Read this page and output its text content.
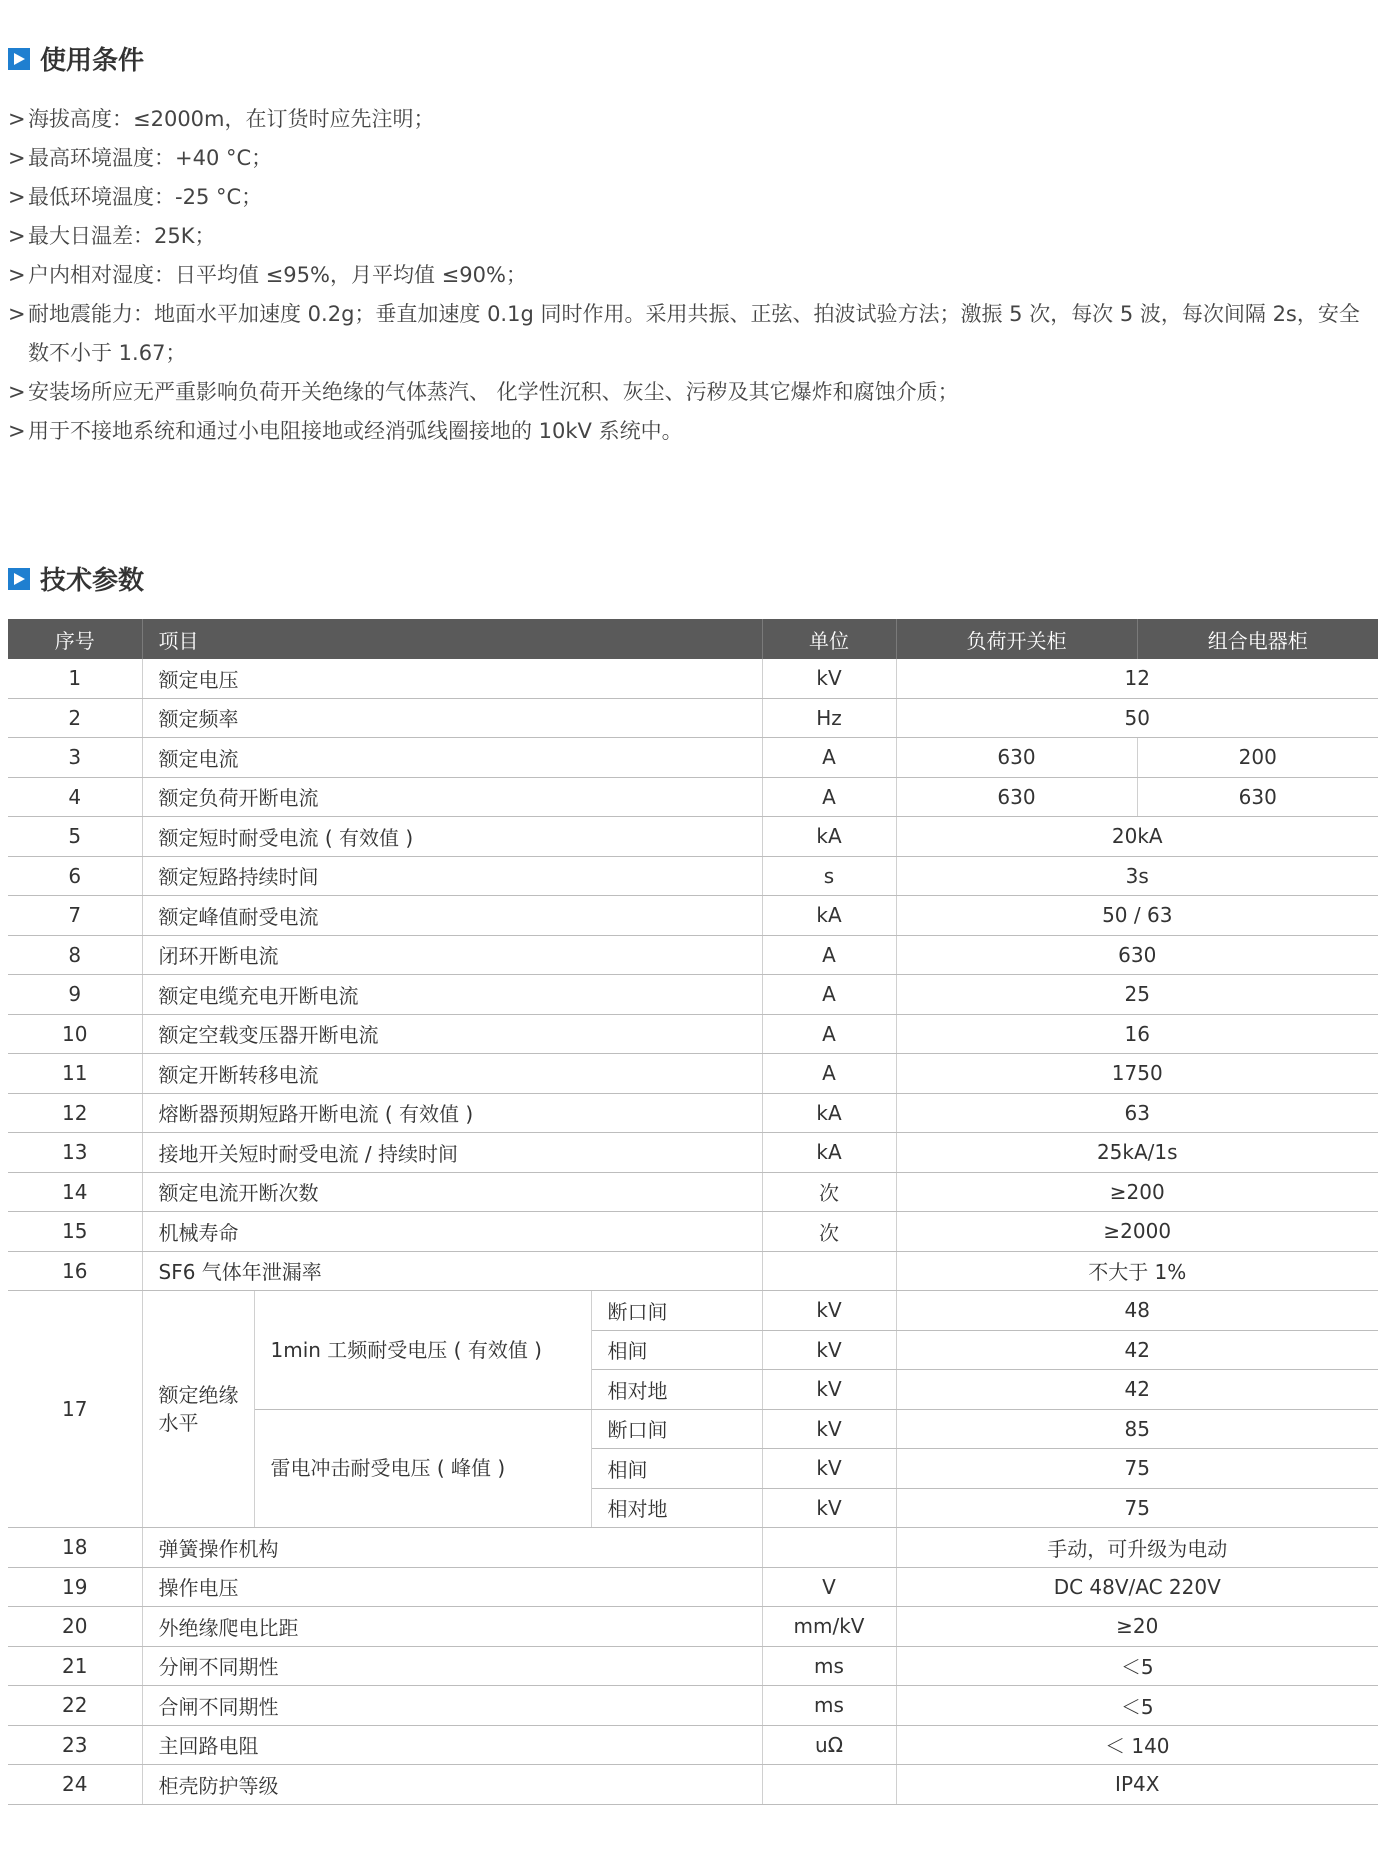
使用条件
> 海拔高度：≤2000m，在订货时应先注明；
> 最高环境温度：+40 °C；
> 最低环境温度：-25 °C；
> 最大日温差：25K；
> 户内相对湿度：日平均值 ≤95%，月平均值 ≤90%；
> 耐地震能力：地面水平加速度 0.2g；垂直加速度 0.1g 同时作用。采用共振、正弦、拍波试验方法；激振 5 次，每次 5 波，每次间隔 2s，安全数不小于 1.67；
> 安装场所应无严重影响负荷开关绝缘的气体蒸汽、 化学性沉积、灰尘、污秽及其它爆炸和腐蚀介质；
> 用于不接地系统和通过小电阻接地或经消弧线圈接地的 10kV 系统中。
技术参数
序号	项目			单位	负荷开关柜	组合电器柜
1	额定电压			kV	12	
2	额定频率			Hz	50	
3	额定电流			A	630	200
4	额定负荷开断电流			A	630	630
5	额定短时耐受电流 ( 有效值 )			kA	20kA	
6	额定短路持续时间			s	3s	
7	额定峰值耐受电流			kA	50 / 63	
8	闭环开断电流			A	630	
9	额定电缆充电开断电流			A	25	
10	额定空载变压器开断电流			A	16	
11	额定开断转移电流			A	1750	
12	熔断器预期短路开断电流 ( 有效值 )			kA	63	
13	接地开关短时耐受电流 / 持续时间			kA	25kA/1s	
14	额定电流开断次数			次	≥200	
15	机械寿命			次	≥2000	
16	SF6 气体年泄漏率				不大于 1%	
17	额定绝缘水平	1min 工频耐受电压 ( 有效值 )	断口间	kV	48	
			相间	kV	42	
			相对地	kV	42	
		雷电冲击耐受电压 ( 峰值 )	断口间	kV	85	
			相间	kV	75	
			相对地	kV	75	
18	弹簧操作机构				手动，可升级为电动	
19	操作电压			V	DC 48V/AC 220V	
20	外绝缘爬电比距			mm/kV	≥20	
21	分闸不同期性			ms	＜5	
22	合闸不同期性			ms	＜5	
23	主回路电阻			uΩ	＜ 140	
24	柜壳防护等级				IP4X	
